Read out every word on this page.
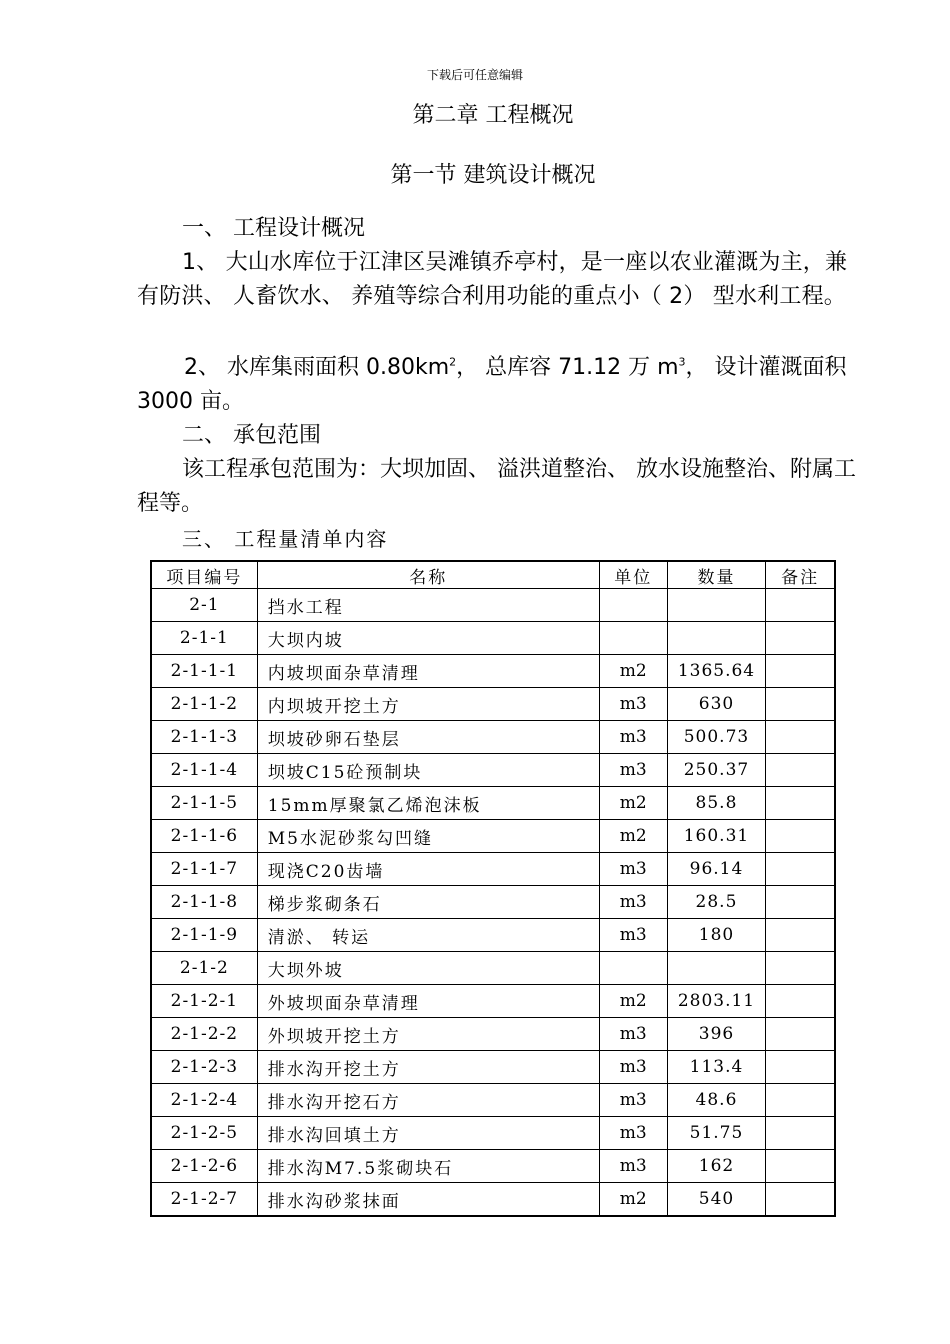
下载后可任意编辑
第二章 工程概况
第一节 建筑设计概况
一、 工程设计概况
1、 大山水库位于江津区吴滩镇乔亭村，是一座以农业灌溉为主，兼有防洪、 人畜饮水、 养殖等综合利用功能的重点小（ 2） 型水利工程。
2、 水库集雨面积 $0.80km^2$， 总库容 71.12 万 $m^3$， 设计灌溉面积 3000 亩。
二、 承包范围
该工程承包范围为：大坝加固、 溢洪道整治、 放水设施整治、附属工程等。
三、 工程量清单内容
项目编号	名称	单位	数量	备注
2-1	挡水工程			
2-1-1	大坝内坡			
2-1-1-1	内坡坝面杂草清理	m2	1365.64	
2-1-1-2	内坝坡开挖土方	m3	630	
2-1-1-3	坝坡砂卵石垫层	m3	500.73	
2-1-1-4	坝坡C15砼预制块	m3	250.37	
2-1-1-5	15mm厚聚氯乙烯泡沫板	m2	85.8	
2-1-1-6	M5水泥砂浆勾凹缝	m2	160.31	
2-1-1-7	现浇C20齿墙	m3	96.14	
2-1-1-8	梯步浆砌条石	m3	28.5	
2-1-1-9	清淤、 转运	m3	180	
2-1-2	大坝外坡			
2-1-2-1	外坡坝面杂草清理	m2	2803.11	
2-1-2-2	外坝坡开挖土方	m3	396	
2-1-2-3	排水沟开挖土方	m3	113.4	
2-1-2-4	排水沟开挖石方	m3	48.6	
2-1-2-5	排水沟回填土方	m3	51.75	
2-1-2-6	排水沟M7.5浆砌块石	m3	162	
2-1-2-7	排水沟砂浆抹面	m2	540	
